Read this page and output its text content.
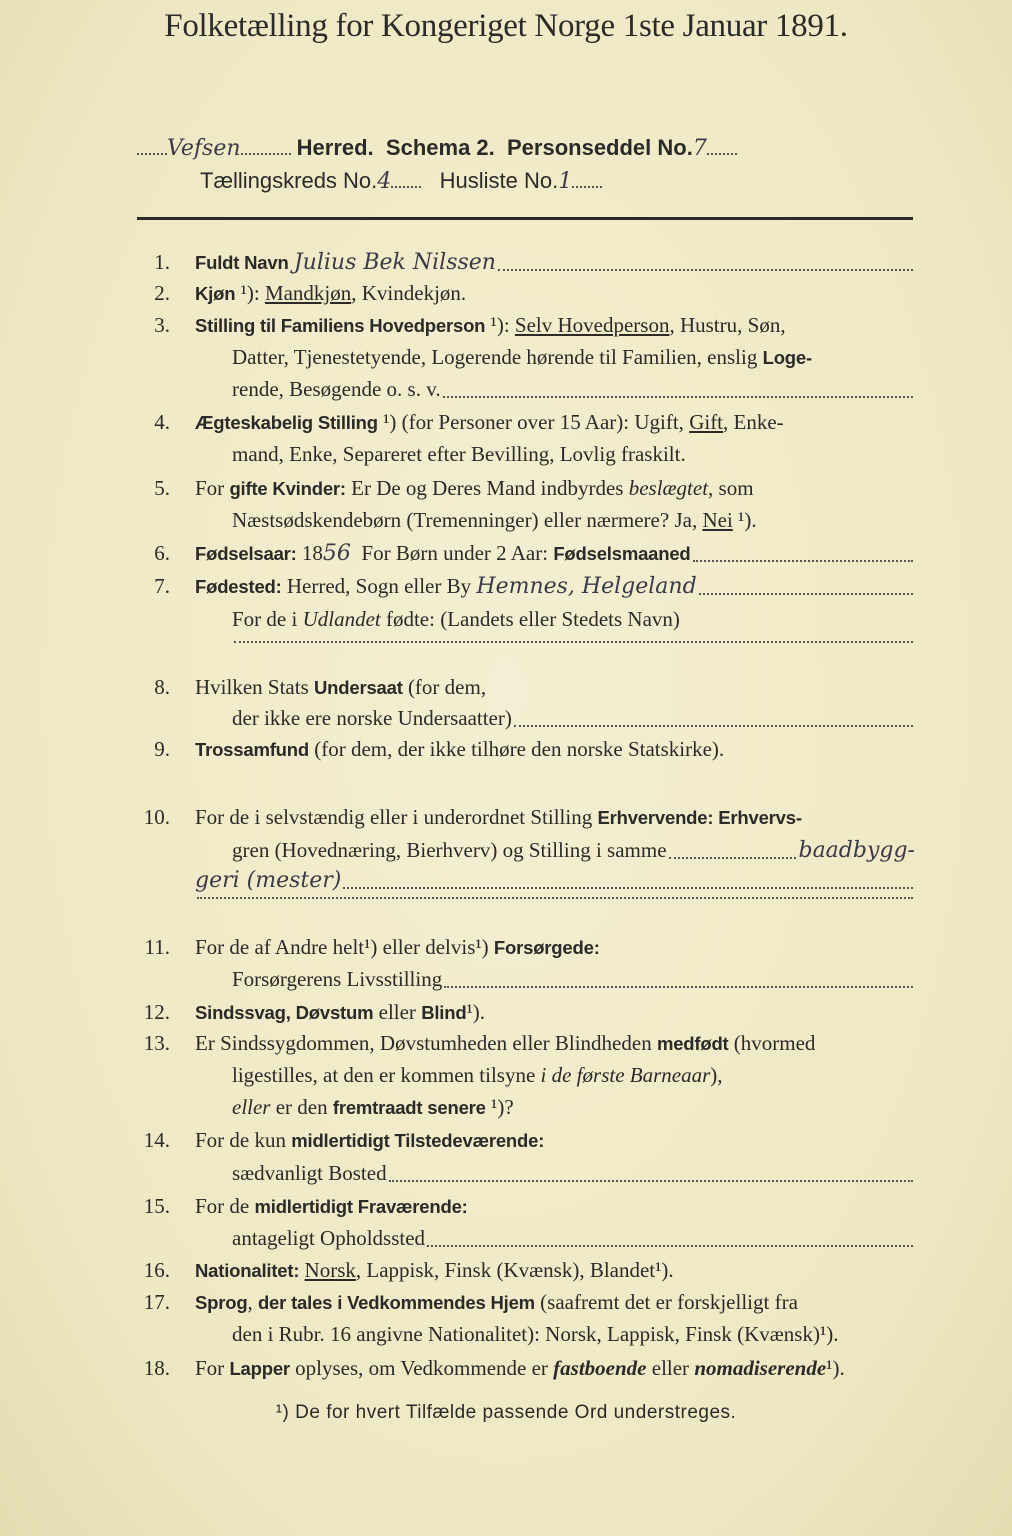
Folketælling for Kongeriget Norge 1ste Januar 1891.
Vefsen	Herred. Schema 2. Personseddel No.7
Tællingskreds No.4 Husliste No.1
1. Fuldt Navn
Julius Bek Nilssen
2. Kjøn ¹): Mandkjøn , Kvindekjøn.
3. Stilling til Familiens Hovedperson ¹): Selv Hovedperson , Hustru, Søn,
Datter, Tjenestetyende, Logerende hørende til Familien, enslig Loge-
rende, Besøgende o. s. v.
4. Ægteskabelig Stilling ¹) (for Personer over 15 Aar): Ugift, Gift , Enke-
mand, Enke, Separeret efter Bevilling, Lovlig fraskilt.
5. For gifte Kvinder: Er De og Deres Mand indbyrdes beslægtet , som
Næstsødskendebørn (Tremenninger) eller nærmere? Ja, Nei ¹).
6. Fødselsaar: 18 56 For Børn under 2 Aar: Fødselsmaaned
7. Fødested: Herred, Sogn eller By Hemnes, Helgeland
For de i Udlandet fødte: (Landets eller Stedets Navn)
8. Hvilken Stats Undersaat (for dem,
der ikke ere norske Undersaatter)
9. Trossamfund (for dem, der ikke tilhøre den norske Statskirke).
10. For de i selvstændig eller i underordnet Stilling Erhvervende: Erhvervs-
gren (Hovednæring, Bierhverv) og Stilling i samme	baadbygg-
geri (mester)
11. For de af Andre helt¹) eller delvis¹) Forsørgede:
Forsørgerens Livsstilling
12. Sindssvag, Døvstum eller Blind ¹).
13. Er Sindssygdommen, Døvstumheden eller Blindheden medfødt (hvormed
ligestilles, at den er kommen tilsyne i de første Barneaar ),
eller er den fremtraadt senere ¹)?
14. For de kun midlertidigt Tilstedeværende:
sædvanligt Bosted
15. For de midlertidigt Fraværende:
antageligt Opholdssted
16. Nationalitet:
Norsk , Lappisk, Finsk (Kvænsk), Blandet¹).
17. Sprog , der tales i Vedkommendes Hjem (saafremt det er forskjelligt fra
den i Rubr. 16 angivne Nationalitet): Norsk, Lappisk, Finsk (Kvænsk)¹).
18. For Lapper oplyses, om Vedkommende er fastboende eller nomadiserende ¹).
¹) De for hvert Tilfælde passende Ord understreges.
